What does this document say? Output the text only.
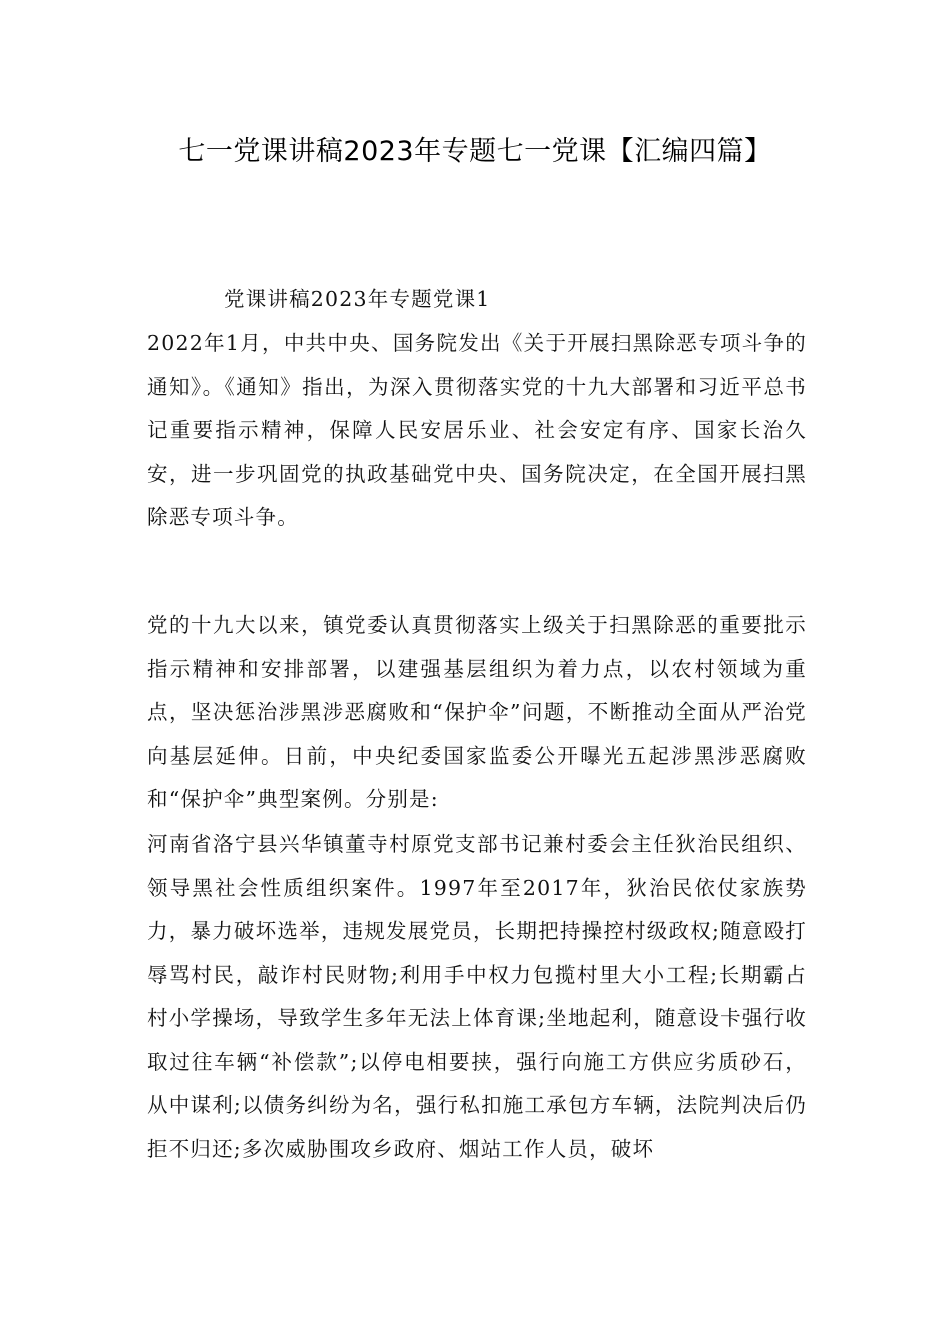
七一党课讲稿2023年专题七一党课【汇编四篇】
党课讲稿2023年专题党课1

2022年1月，中共中央、国务院发出《关于开展扫黑除恶专项斗争的通知》。《通知》指出，为深入贯彻落实党的十九大部署和习近平总书记重要指示精神，保障人民安居乐业、社会安定有序、国家长治久安，进一步巩固党的执政基础党中央、国务院决定，在全国开展扫黑除恶专项斗争。

党的十九大以来，镇党委认真贯彻落实上级关于扫黑除恶的重要批示指示精神和安排部署，以建强基层组织为着力点，以农村领域为重点，坚决惩治涉黑涉恶腐败和“保护伞”问题，不断推动全面从严治党向基层延伸。日前，中央纪委国家监委公开曝光五起涉黑涉恶腐败和“保护伞”典型案例。分别是:

河南省洛宁县兴华镇董寺村原党支部书记兼村委会主任狄治民组织、领导黑社会性质组织案件。1997年至2017年，狄治民依仗家族势力，暴力破坏选举，违规发展党员，长期把持操控村级政权;随意殴打辱骂村民，敲诈村民财物;利用手中权力包揽村里大小工程;长期霸占村小学操场，导致学生多年无法上体育课;坐地起利，随意设卡强行收取过往车辆“补偿款”;以停电相要挟，强行向施工方供应劣质砂石，从中谋利;以债务纠纷为名，强行私扣施工承包方车辆，法院判决后仍拒不归还;多次威胁围攻乡政府、烟站工作人员，破坏
